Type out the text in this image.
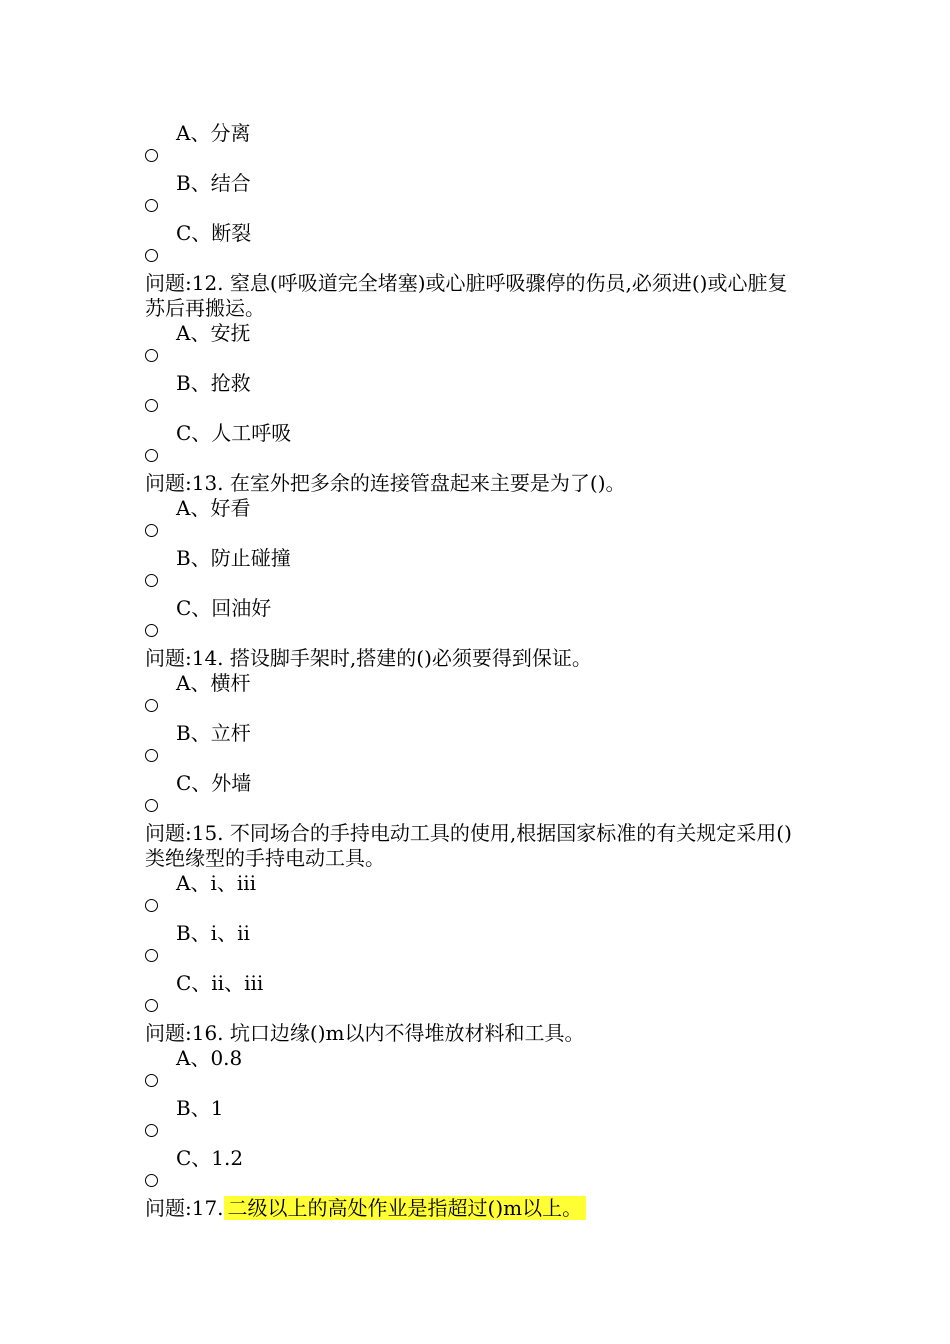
A、分离
B、结合
C、断裂

问题:12. 窒息(呼吸道完全堵塞)或心脏呼吸骤停的伤员,必须进()或心脏复苏后再搬运。

A、安抚
B、抢救
C、人工呼吸

问题:13. 在室外把多余的连接管盘起来主要是为了()。

A、好看
B、防止碰撞
C、回油好

问题:14. 搭设脚手架时,搭建的()必须要得到保证。

A、横杆
B、立杆
C、外墙

问题:15. 不同场合的手持电动工具的使用,根据国家标准的有关规定采用()类绝缘型的手持电动工具。

A、ⅰ、ⅲ
B、ⅰ、ⅱ
C、ⅱ、ⅲ

问题:16. 坑口边缘()m以内不得堆放材料和工具。

A、0.8
B、1
C、1.2

问题:17. 二级以上的高处作业是指超过()m以上。
